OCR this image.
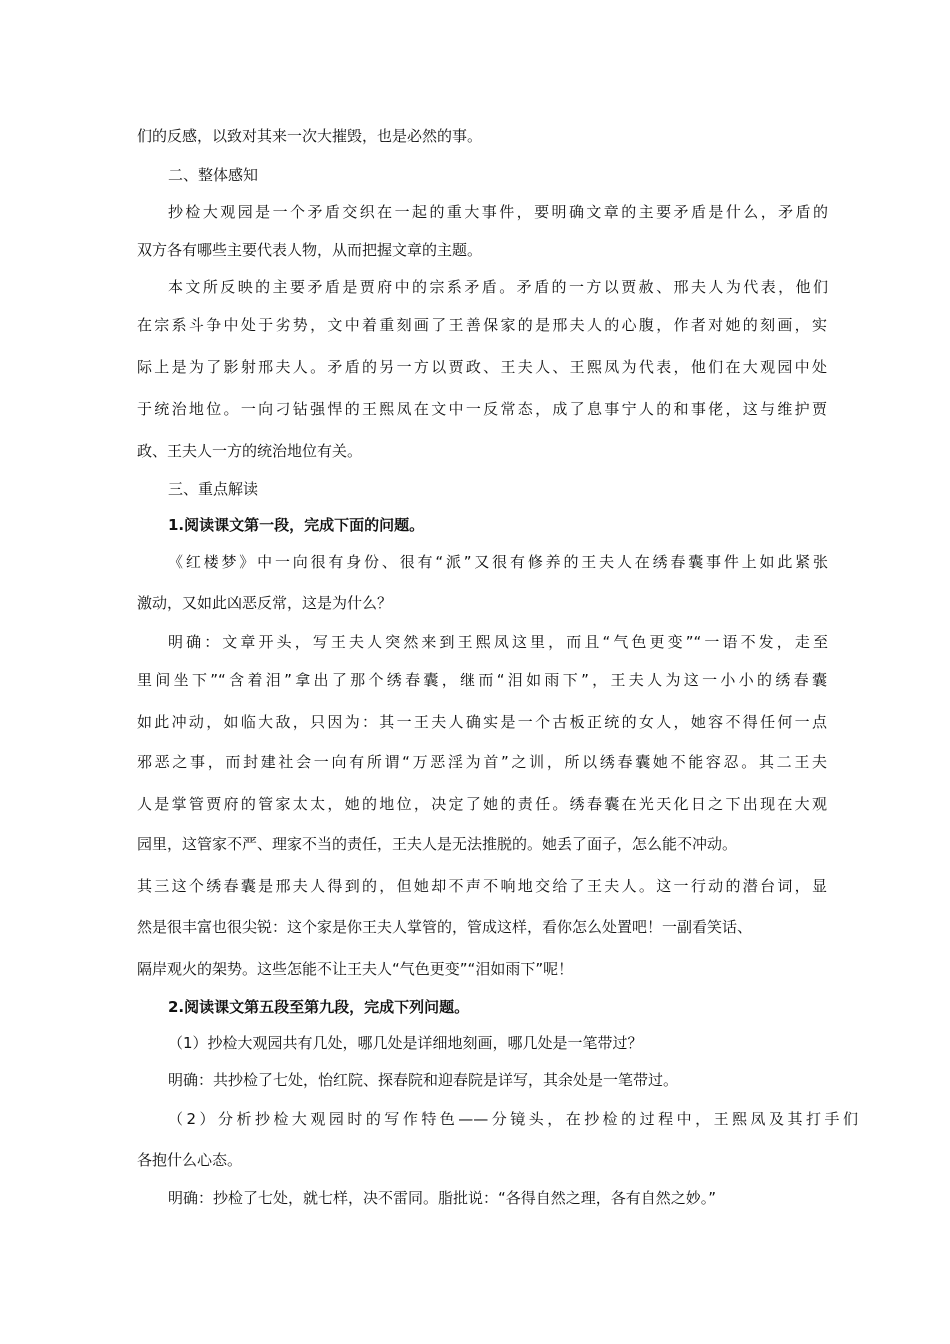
们的反感，以致对其来一次大摧毁，也是必然的事。
二、整体感知
抄检大观园是一个矛盾交织在一起的重大事件，要明确文章的主要矛盾是什么，矛盾的
双方各有哪些主要代表人物，从而把握文章的主题。
本文所反映的主要矛盾是贾府中的宗系矛盾。矛盾的一方以贾赦、邢夫人为代表，他们
在宗系斗争中处于劣势，文中着重刻画了王善保家的是邢夫人的心腹，作者对她的刻画，实
际上是为了影射邢夫人。矛盾的另一方以贾政、王夫人、王熙凤为代表，他们在大观园中处
于统治地位。一向刁钻强悍的王熙凤在文中一反常态，成了息事宁人的和事佬，这与维护贾
政、王夫人一方的统治地位有关。
三、重点解读
1.阅读课文第一段，完成下面的问题。
《红楼梦》中一向很有身份、很有“派”又很有修养的王夫人在绣春囊事件上如此紧张
激动，又如此凶恶反常，这是为什么？
明确：文章开头，写王夫人突然来到王熙凤这里，而且“气色更变”“一语不发，走至
里间坐下”“含着泪”拿出了那个绣春囊，继而“泪如雨下”，王夫人为这一小小的绣春囊
如此冲动，如临大敌，只因为：其一王夫人确实是一个古板正统的女人，她容不得任何一点
邪恶之事，而封建社会一向有所谓“万恶淫为首”之训，所以绣春囊她不能容忍。其二王夫
人是掌管贾府的管家太太，她的地位，决定了她的责任。绣春囊在光天化日之下出现在大观
园里，这管家不严、理家不当的责任，王夫人是无法推脱的。她丢了面子，怎么能不冲动。
其三这个绣春囊是邢夫人得到的，但她却不声不响地交给了王夫人。这一行动的潜台词，显
然是很丰富也很尖锐：这个家是你王夫人掌管的，管成这样，看你怎么处置吧！一副看笑话、
隔岸观火的架势。这些怎能不让王夫人“气色更变”“泪如雨下”呢！
2.阅读课文第五段至第九段，完成下列问题。
（1）抄检大观园共有几处，哪几处是详细地刻画，哪几处是一笔带过？
明确：共抄检了七处，怡红院、探春院和迎春院是详写，其余处是一笔带过。
（2）分析抄检大观园时的写作特色——分镜头，在抄检的过程中，王熙凤及其打手们
各抱什么心态。
明确：抄检了七处，就七样，决不雷同。脂批说：“各得自然之理，各有自然之妙。”
